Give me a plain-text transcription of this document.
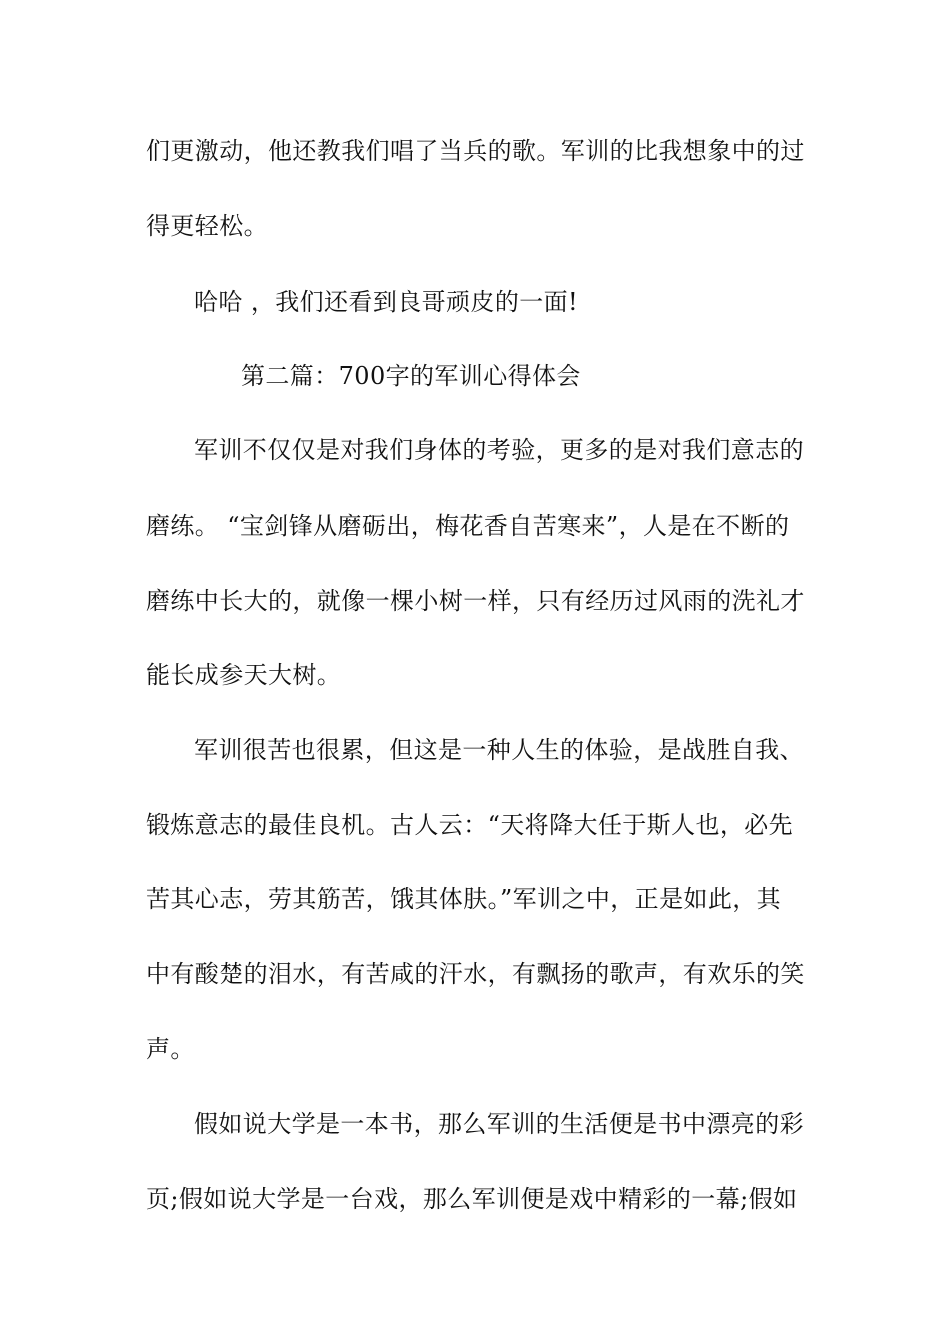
们更激动，他还教我们唱了当兵的歌。军训的比我想象中的过
得更轻松。
哈哈 ，我们还看到良哥顽皮的一面!
第二篇：700字的军训心得体会
军训不仅仅是对我们身体的考验，更多的是对我们意志的
磨练。 “宝剑锋从磨砺出，梅花香自苦寒来”，人是在不断的
磨练中长大的，就像一棵小树一样，只有经历过风雨的洗礼才
能长成参天大树。
军训很苦也很累，但这是一种人生的体验，是战胜自我、
锻炼意志的最佳良机。古人云：“天将降大任于斯人也，必先
苦其心志，劳其筋苦，饿其体肤。”军训之中，正是如此，其
中有酸楚的泪水，有苦咸的汗水，有飘扬的歌声，有欢乐的笑
声。
假如说大学是一本书，那么军训的生活便是书中漂亮的彩
页;假如说大学是一台戏，那么军训便是戏中精彩的一幕;假如
